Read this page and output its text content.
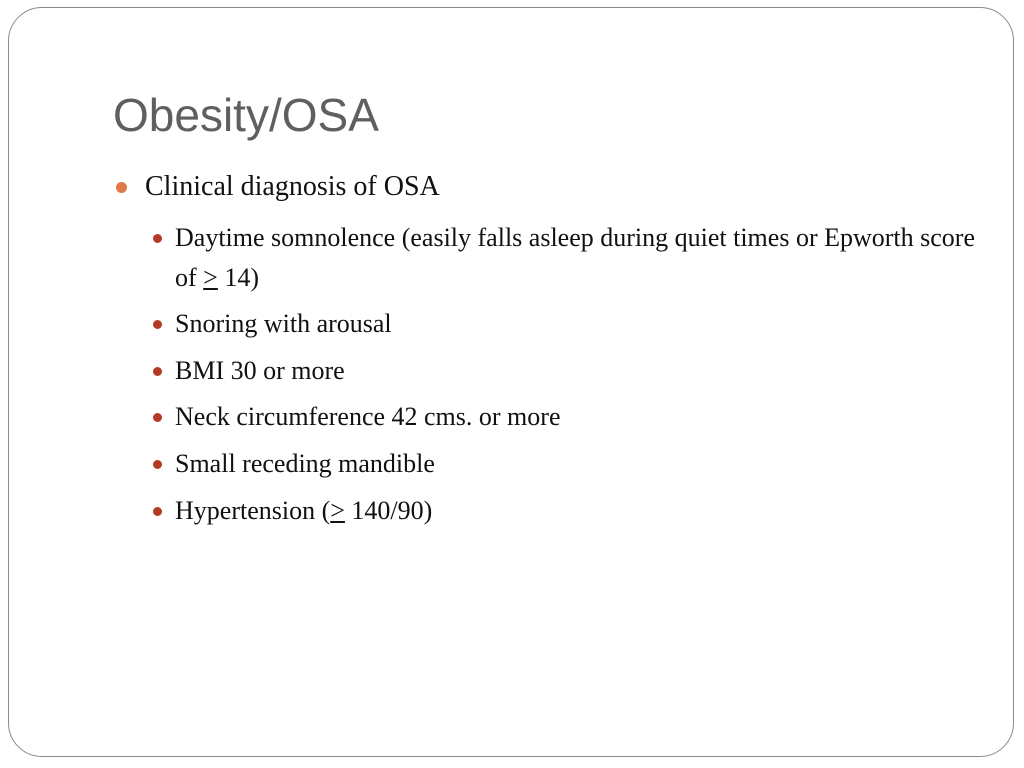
Obesity/OSA
Clinical diagnosis of OSA
Daytime somnolence (easily falls asleep during quiet times or Epworth score of ≥ 14)
Snoring with arousal
BMI 30 or more
Neck circumference 42 cms. or more
Small receding mandible
Hypertension (≥ 140/90)
